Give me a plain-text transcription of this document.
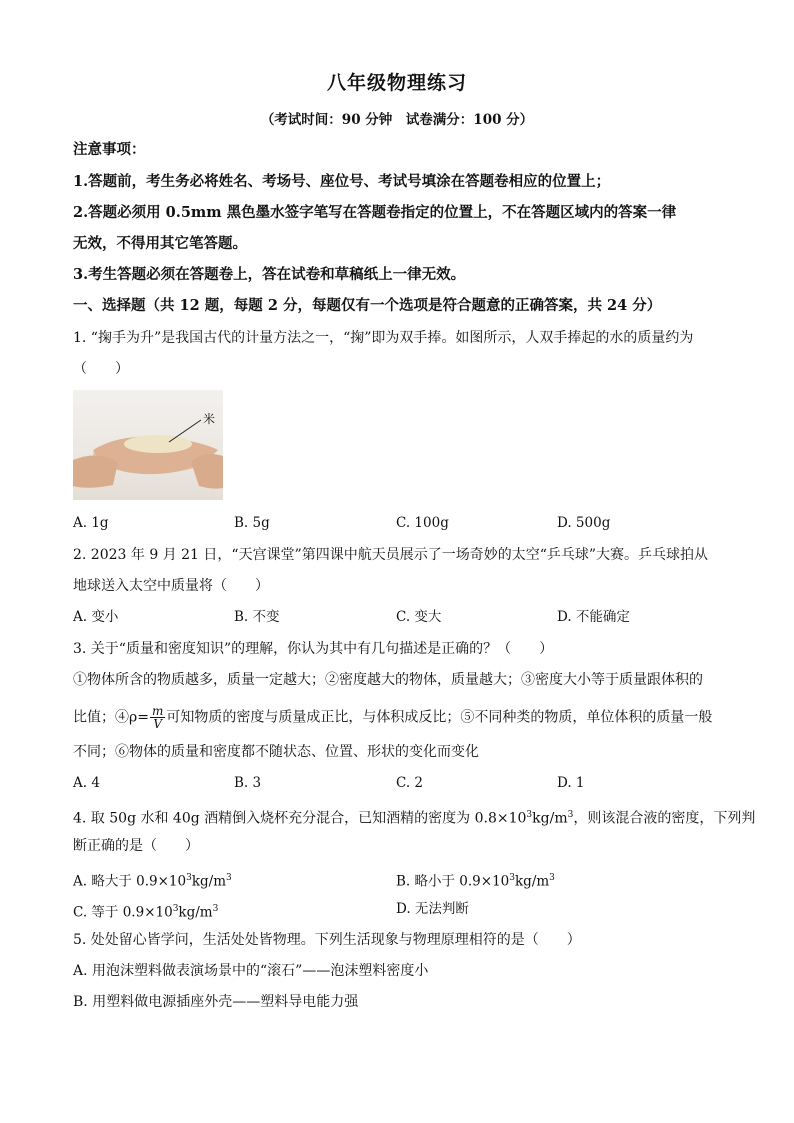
八年级物理练习
（考试时间：90 分钟　试卷满分：100 分）
注意事项：
1.答题前，考生务必将姓名、考场号、座位号、考试号填涂在答题卷相应的位置上；
2.答题必须用 0.5mm 黑色墨水签字笔写在答题卷指定的位置上，不在答题区域内的答案一律
无效，不得用其它笔答题。
3.考生答题必须在答题卷上，答在试卷和草稿纸上一律无效。
一、选择题（共 12 题，每题 2 分，每题仅有一个选项是符合题意的正确答案，共 24 分）
1. “掬手为升”是我国古代的计量方法之一，“掬”即为双手捧。如图所示，人双手捧起的水的质量约为
（　　）
米
A. 1g	B. 5g	C. 100g	D. 500g
2. 2023 年 9 月 21 日，“天宫课堂”第四课中航天员展示了一场奇妙的太空“乒乓球”大赛。乒乓球拍从
地球送入太空中质量将（　　）
A. 变小	B. 不变	C. 变大	D. 不能确定
3. 关于“质量和密度知识”的理解，你认为其中有几句描述是正确的？（　　）
①物体所含的物质越多，质量一定越大；②密度越大的物体，质量越大；③密度大小等于质量跟体积的
比值；④ρ= $\frac{m}{V}$ 可知物质的密度与质量成正比，与体积成反比；⑤不同种类的物质，单位体积的质量一般
不同；⑥物体的质量和密度都不随状态、位置、形状的变化而变化
A. 4	B. 3	C. 2	D. 1
4. 取 50g 水和 40g 酒精倒入烧杯充分混合，已知酒精的密度为 $0.8\times 10^3kg/m^3$，则该混合液的密度，下列判
断正确的是（　　）
A. 略大于 $0.9\times 10^3kg/m^3$	B. 略小于 $0.9\times 10^3kg/m^3$
C. 等于 $0.9\times 10^3kg/m^3$	D. 无法判断
5. 处处留心皆学问，生活处处皆物理。下列生活现象与物理原理相符的是（　　）
A. 用泡沫塑料做表演场景中的“滚石”——泡沫塑料密度小
B. 用塑料做电源插座外壳——塑料导电能力强
